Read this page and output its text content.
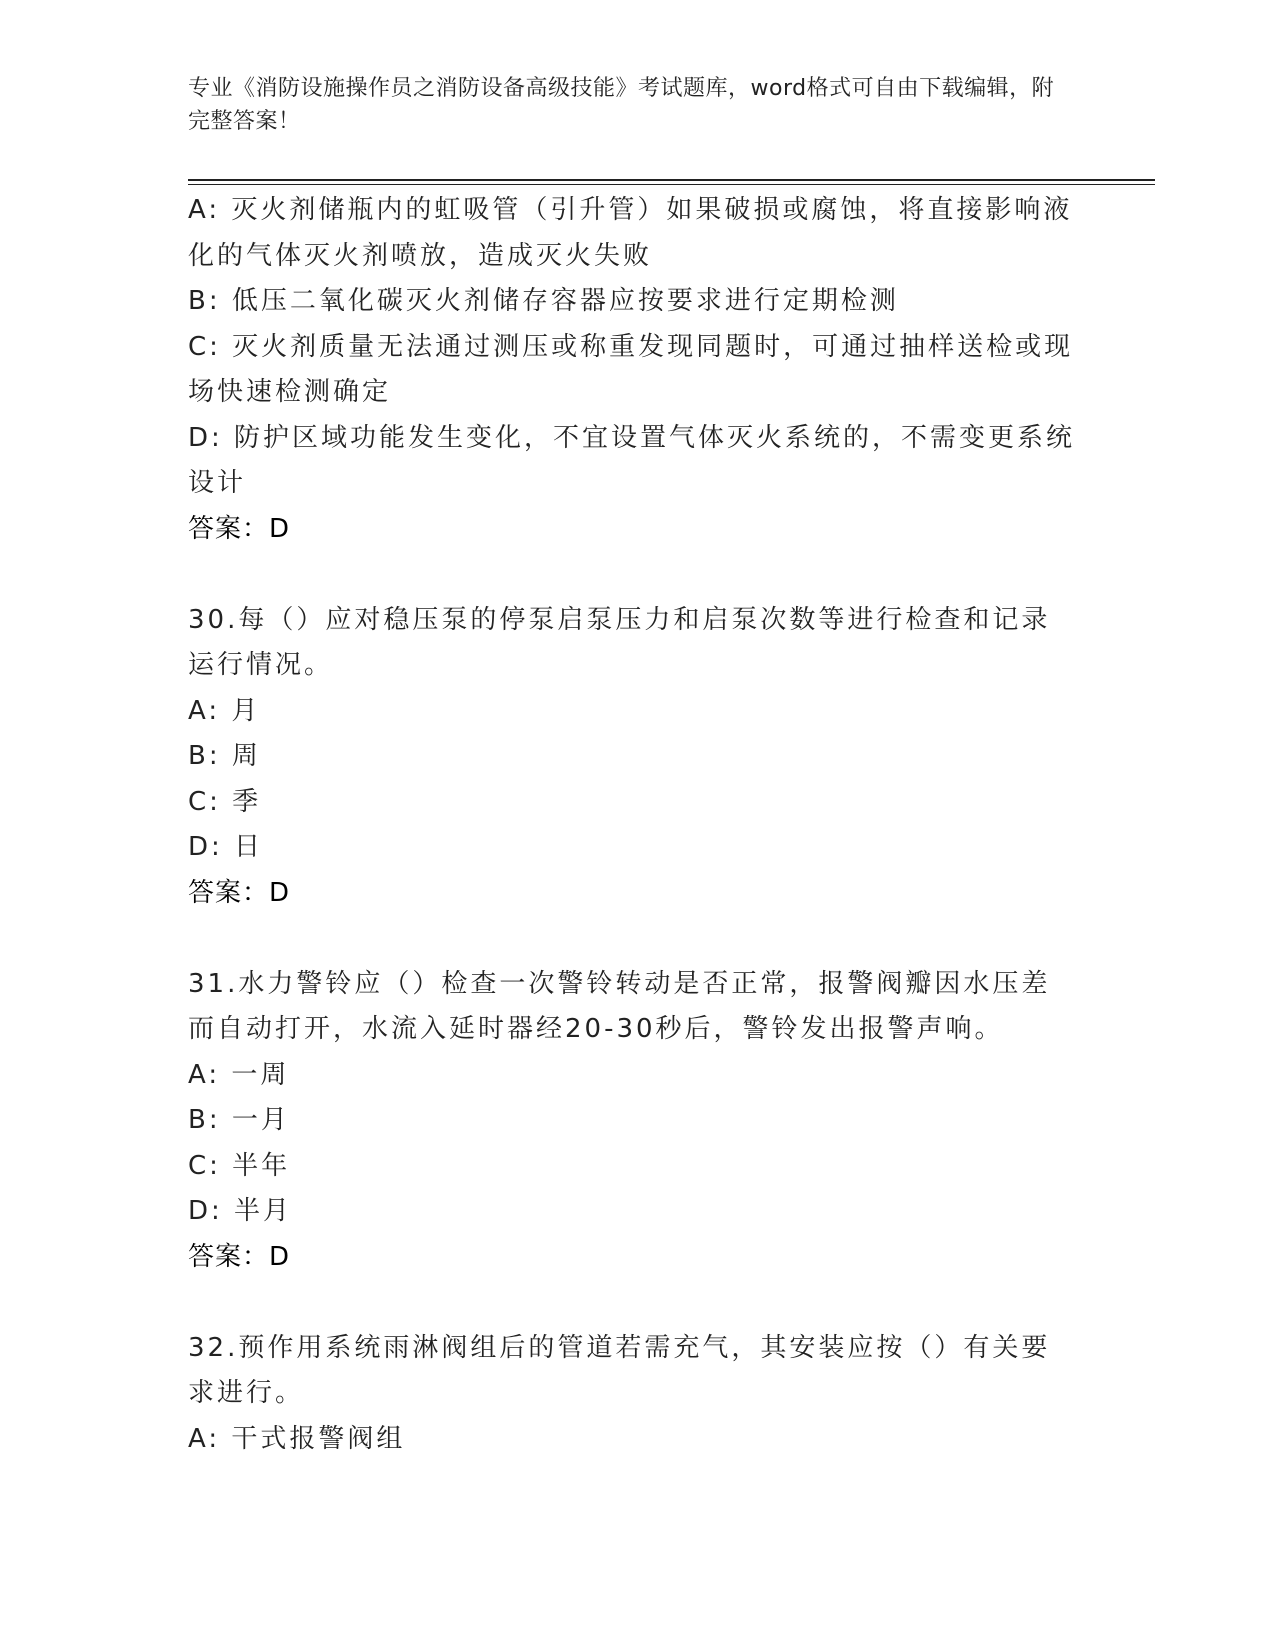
专业《消防设施操作员之消防设备高级技能》考试题库，word格式可自由下载编辑，附完整答案！
A: 灭火剂储瓶内的虹吸管（引升管）如果破损或腐蚀，将直接影响液化的气体灭火剂喷放，造成灭火失败
B: 低压二氧化碳灭火剂储存容器应按要求进行定期检测
C: 灭火剂质量无法通过测压或称重发现同题时，可通过抽样送检或现场快速检测确定
D: 防护区域功能发生变化，不宜设置气体灭火系统的，不需变更系统设计
答案：D
30.每（）应对稳压泵的停泵启泵压力和启泵次数等进行检查和记录运行情况。
A: 月
B: 周
C: 季
D: 日
答案：D
31.水力警铃应（）检查一次警铃转动是否正常，报警阀瓣因水压差而自动打开，水流入延时器经20-30秒后，警铃发出报警声响。
A: 一周
B: 一月
C: 半年
D: 半月
答案：D
32.预作用系统雨淋阀组后的管道若需充气，其安装应按（）有关要求进行。
A: 干式报警阀组
